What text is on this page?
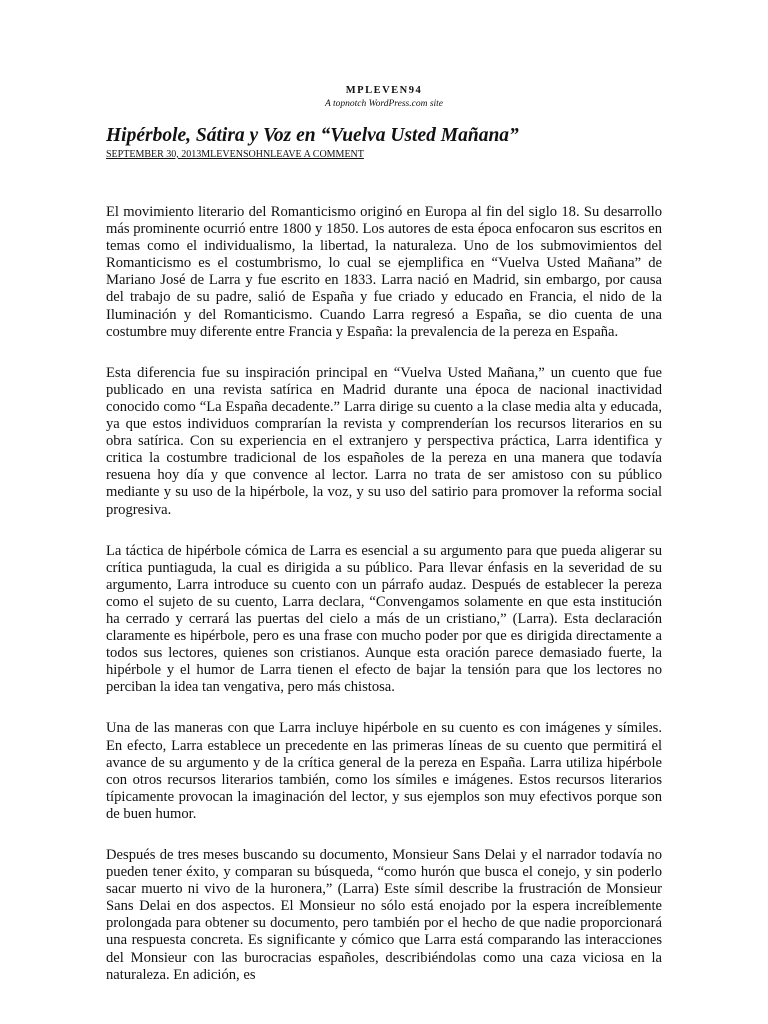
MPLEVEN94
A topnotch WordPress.com site
Hipérbole, Sátira y Voz en “Vuelva Usted Mañana”
SEPTEMBER 30, 2013MLEVENSOHNLEAVE A COMMENT

El movimiento literario del Romanticismo originó en Europa al fin del siglo 18. Su desarrollo más prominente ocurrió entre 1800 y 1850. Los autores de esta época enfocaron sus escritos en temas como el individualismo, la libertad, la naturaleza. Uno de los submovimientos del Romanticismo es el costumbrismo, lo cual se ejemplifica en “Vuelva Usted Mañana” de Mariano José de Larra y fue escrito en 1833. Larra nació en Madrid, sin embargo, por causa del trabajo de su padre, salió de España y fue criado y educado en Francia, el nido de la Iluminación y del Romanticismo. Cuando Larra regresó a España, se dio cuenta de una costumbre muy diferente entre Francia y España: la prevalencia de la pereza en España.

Esta diferencia fue su inspiración principal en “Vuelva Usted Mañana,” un cuento que fue publicado en una revista satírica en Madrid durante una época de nacional inactividad conocido como “La España decadente.” Larra dirige su cuento a la clase media alta y educada, ya que estos individuos comprarían la revista y comprenderían los recursos literarios en su obra satírica. Con su experiencia en el extranjero y perspectiva práctica, Larra identifica y critica la costumbre tradicional de los españoles de la pereza en una manera que todavía resuena hoy día y que convence al lector. Larra no trata de ser amistoso con su público mediante y su uso de la hipérbole, la voz, y su uso del satirio para promover la reforma social progresiva.

La táctica de hipérbole cómica de Larra es esencial a su argumento para que pueda aligerar su crítica puntiaguda, la cual es dirigida a su público. Para llevar énfasis en la severidad de su argumento, Larra introduce su cuento con un párrafo audaz. Después de establecer la pereza como el sujeto de su cuento, Larra declara, “Convengamos solamente en que esta institución ha cerrado y cerrará las puertas del cielo a más de un cristiano,” (Larra). Esta declaración claramente es hipérbole, pero es una frase con mucho poder por que es dirigida directamente a todos sus lectores, quienes son cristianos. Aunque esta oración parece demasiado fuerte, la hipérbole y el humor de Larra tienen el efecto de bajar la tensión para que los lectores no perciban la idea tan vengativa, pero más chistosa.

Una de las maneras con que Larra incluye hipérbole en su cuento es con imágenes y símiles. En efecto, Larra establece un precedente en las primeras líneas de su cuento que permitirá el avance de su argumento y de la crítica general de la pereza en España. Larra utiliza hipérbole con otros recursos literarios también, como los símiles e imágenes. Estos recursos literarios típicamente provocan la imaginación del lector, y sus ejemplos son muy efectivos porque son de buen humor.

Después de tres meses buscando su documento, Monsieur Sans Delai y el narrador todavía no pueden tener éxito, y comparan su búsqueda, “como hurón que busca el conejo, y sin poderlo sacar muerto ni vivo de la huronera,” (Larra) Este símil describe la frustración de Monsieur Sans Delai en dos aspectos. El Monsieur no sólo está enojado por la espera increíblemente prolongada para obtener su documento, pero también por el hecho de que nadie proporcionará una respuesta concreta. Es significante y cómico que Larra está comparando las interacciones del Monsieur con las burocracias españoles, describiéndolas como una caza viciosa en la naturaleza. En adición, es
